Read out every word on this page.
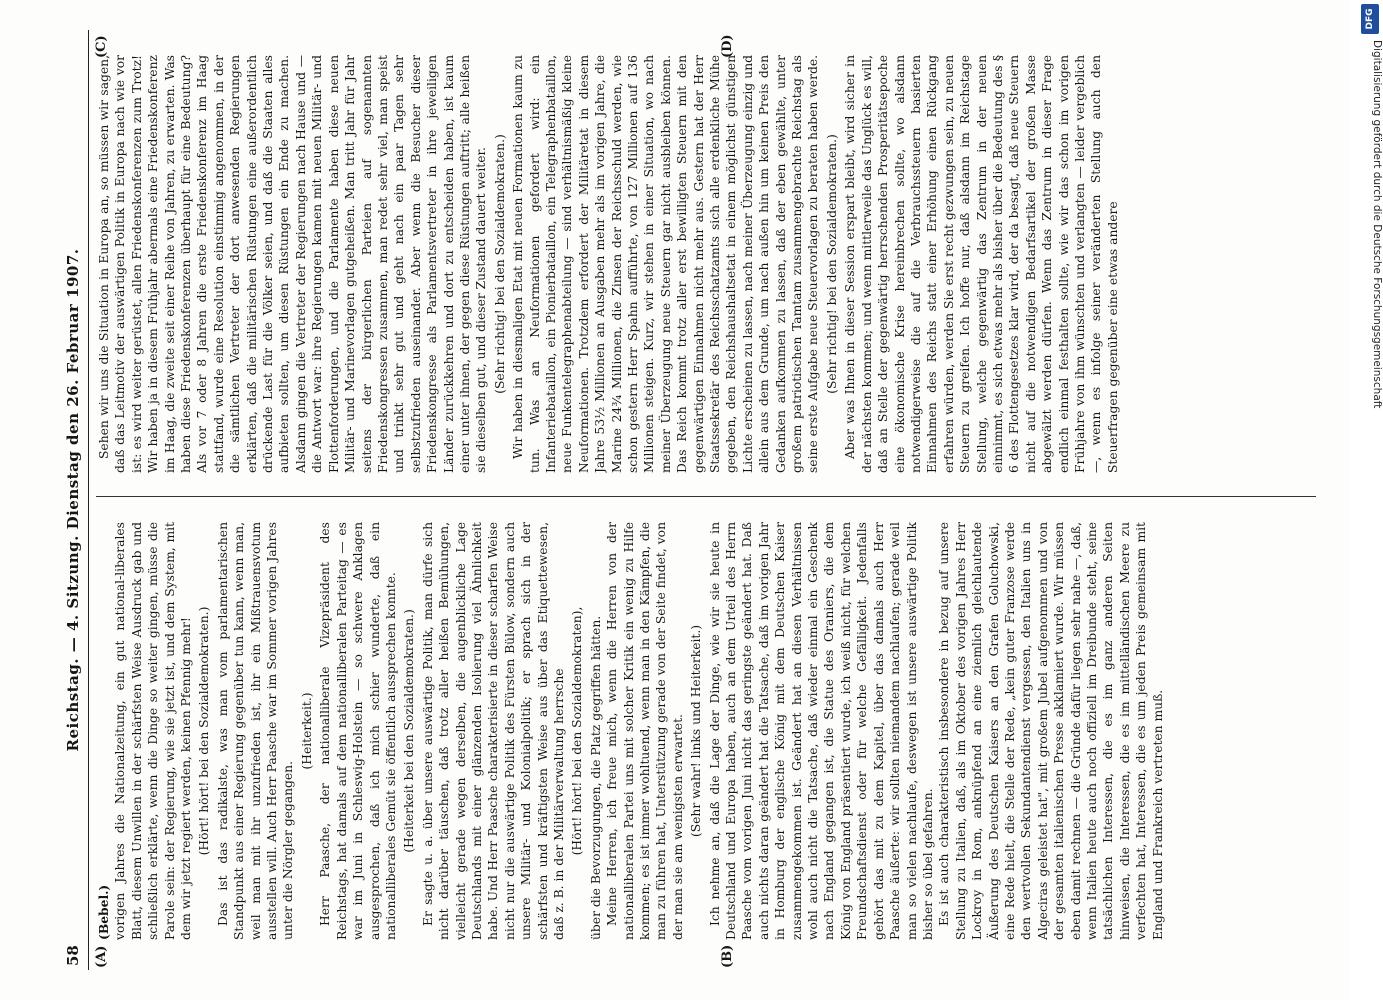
58
Reichstag. — 4. Sitzung. Dienstag den 26. Februar 1907.
(A)	(B)
(C)	(D)

(Bebel.) vorigen Jahres die Nationalzeitung, ein gut national-liberales Blatt, diesem Unwillen in der schärfsten Weise Ausdruck gab und schließlich erklärte, wenn die Dinge so weiter gingen, müsse die Parole sein: der Regierung, wie sie jetzt ist, und dem System, mit dem wir jetzt regiert werden, keinen Pfennig mehr! (Hört! hört! bei den Sozialdemokraten.) Das ist das radikalste, was man vom parlamentarischen Standpunkt aus einer Regierung gegenüber tun kann, wenn man, weil man mit ihr unzufrieden ist, ihr ein Mißtrauensvotum ausstellen will. Auch Herr Paasche war im Sommer vorigen Jahres unter die Nörgler gegangen.

(Heiterkeit.) Herr Paasche, der nationalliberale Vizepräsident des Reichstags, hat damals auf dem nationalliberalen Parteitag — es war im Juni in Schleswig-Holstein — so schwere Anklagen ausgesprochen, daß ich mich schier wunderte, daß ein nationalliberales Gemüt sie öffentlich aussprechen konnte. (Heiterkeit bei den Sozialdemokraten.) Er sagte u. a. über unsere auswärtige Politik, man dürfe sich nicht darüber täuschen, daß trotz aller heißen Bemühungen, vielleicht gerade wegen derselben, die augenblickliche Lage Deutschlands mit einer glänzenden Isolierung viel Ähnlichkeit habe. Und Herr Paasche charakterisierte in dieser scharfen Weise nicht nur die auswärtige Politik des Fürsten Bülow, sondern auch unsere Militär- und Kolonialpolitik; er sprach sich in der schärfsten und kräftigsten Weise aus über das Etiquettewesen, daß z. B. in der Militärverwaltung herrsche (Hört! hört! bei den Sozialdemokraten), über die Bevorzugungen, die Platz gegriffen hätten. Meine Herren, ich freue mich, wenn die Herren von der nationalliberalen Partei uns mit solcher Kritik ein wenig zu Hilfe kommen; es ist immer wohltuend, wenn man in den Kämpfen, die man zu führen hat, Unterstützung gerade von der Seite findet, von der man sie am wenigsten erwartet. (Sehr wahr! links und Heiterkeit.) Ich nehme an, daß die Lage der Dinge, wie wir sie heute in Deutschland und Europa haben, auch an dem Urteil des Herrn Paasche vom vorigen Juni nicht das geringste geändert hat. Daß auch nichts daran geändert hat die Tatsache, daß im vorigen Jahr in Homburg der englische König mit dem Deutschen Kaiser zusammengekommen ist. Geändert hat an diesen Verhältnissen wohl auch nicht die Tatsache, daß wieder einmal ein Geschenk nach England gegangen ist, die Statue des Oraniers, die dem König von England präsentiert wurde, ich weiß nicht, für welchen Freundschaftsdienst oder für welche Gefälligkeit. Jedenfalls gehört das mit zu dem Kapitel, über das damals auch Herr Paasche äußerte: wir sollten niemandem nachlaufen; gerade weil man so vielen nachlaufe, deswegen ist unsere auswärtige Politik bisher so übel gefahren. Es ist auch charakteristisch insbesondere in bezug auf unsere Stellung zu Italien, daß, als im Oktober des vorigen Jahres Herr Lockroy in Rom, anknüpfend an eine ziemlich gleichlautende Äußerung des Deutschen Kaisers an den Grafen Goluchowski, eine Rede hielt, die Stelle der Rede, „kein guter Franzose werde den wertvollen Sekundantendienst vergessen, den Italien uns in Algeciras geleistet hat", mit großem Jubel aufgenommen und von der gesamten italienischen Presse akklamiert wurde. Wir müssen eben damit rechnen — die Gründe dafür liegen sehr nahe —, daß, wenn Italien heute auch noch offiziell im Dreibunde steht, seine tatsächlichen Interessen, die es im ganz anderen Seiten hinweisen, die Interessen, die es im mittelländischen Meere zu verfechten hat, Interessen, die es um jeden Preis gemeinsam mit England und Frankreich vertreten muß.

Sehen wir uns die Situation in Europa an, so müssen wir sagen, daß das Leitmotiv der auswärtigen Politik in Europa nach wie vor ist: es wird weiter gerüstet, allen Friedenskonferenzen zum Trotz! Wir haben ja in diesem Frühjahr abermals eine Friedenskonferenz im Haag, die zweite seit einer Reihe von Jahren, zu erwarten. Was haben diese Friedenskonferenzen überhaupt für eine Bedeutung? Als vor 7 oder 8 Jahren die erste Friedenskonferenz im Haag stattfand, wurde eine Resolution einstimmig angenommen, in der die sämtlichen Vertreter der dort anwesenden Regierungen erklärten, daß die militärischen Rüstungen eine außerordentlich drückende Last für die Völker seien, und daß die Staaten alles aufbieten sollten, um diesen Rüstungen ein Ende zu machen. Alsdann gingen die Vertreter der Regierungen nach Hause und — die Antwort war: ihre Regierungen kamen mit neuen Militär- und Flottenforderungen, und die Parlamente haben diese neuen Militär- und Marinevorlagen gutgeheißen. Man tritt Jahr für Jahr seitens der bürgerlichen Parteien auf sogenannten Friedenskongressen zusammen, man redet sehr viel, man speist und trinkt sehr gut und geht nach ein paar Tagen sehr selbstzufrieden auseinander. Aber wenn die Besucher dieser Friedenskongresse als Parlamentsvertreter in ihre jeweiligen Länder zurückkehren und dort zu entscheiden haben, ist kaum einer unter ihnen, der gegen diese Rüstungen auftritt; alle heißen sie dieselben gut, und dieser Zustand dauert weiter. (Sehr richtig! bei den Sozialdemokraten.) Wir haben in diesmaligen Etat mit neuen Formationen kaum zu tun. Was an Neuformationen gefordert wird: ein Infanteriebataillon, ein Pionierbataillon, ein Telegraphenbataillon, neue Funkentelegraphenabteilung — sind verhältnismäßig kleine Neuformationen. Trotzdem erfordert der Militäretat in diesem Jahre 53½ Millionen an Ausgaben mehr als im vorigen Jahre, die Marine 24¾ Millionen, die Zinsen der Reichsschuld werden, wie schon gestern Herr Spahn aufführte, von 127 Millionen auf 136 Millionen steigen. Kurz, wir stehen in einer Situation, wo nach meiner Überzeugung neue Steuern gar nicht ausbleiben können. Das Reich kommt trotz aller erst bewilligten Steuern mit den gegenwärtigen Einnahmen nicht mehr aus. Gestern hat der Herr Staatssekretär des Reichsschatzamts sich alle erdenkliche Mühe gegeben, den Reichshaushaltsetat in einem möglichst günstigen Lichte erscheinen zu lassen, nach meiner Überzeugung einzig und allein aus dem Grunde, um nach außen hin um keinen Preis den Gedanken aufkommen zu lassen, daß der eben gewählte, unter großem patriotischen Tamtam zusammengebrachte Reichstag als seine erste Aufgabe neue Steuervorlagen zu beraten haben werde. (Sehr richtig! bei den Sozialdemokraten.) Aber was Ihnen in dieser Session erspart bleibt, wird sicher in der nächsten kommen; und wenn mittlerweile das Unglück es will, daß an Stelle der gegenwärtig herrschenden Prosperitätsepoche eine ökonomische Krise hereinbrechen sollte, wo alsdann notwendigerweise die auf die Verbrauchssteuern basierten Einnahmen des Reichs statt einer Erhöhung einen Rückgang erfahren würden, werden Sie erst recht gezwungen sein, zu neuen Steuern zu greifen. Ich hoffe nur, daß alsdann im Reichstage Stellung, welche gegenwärtig das Zentrum in der neuen einnimmt, es sich etwas mehr als bisher über die Bedeutung des § 6 des Flottengesetzes klar wird, der da besagt, daß neue Steuern nicht auf die notwendigen Bedarfsartikel der großen Masse abgewälzt werden dürfen. Wenn das Zentrum in dieser Frage endlich einmal festhalten sollte, wie wir das schon im vorigen Frühjahre von ihm wünschten und verlangten — leider vergeblich —, wenn es infolge seiner veränderten Stellung auch den Steuerfragen gegenüber eine etwas andere

DFG
Digitalisierung gefördert durch die Deutsche Forschungsgemeinschaft
